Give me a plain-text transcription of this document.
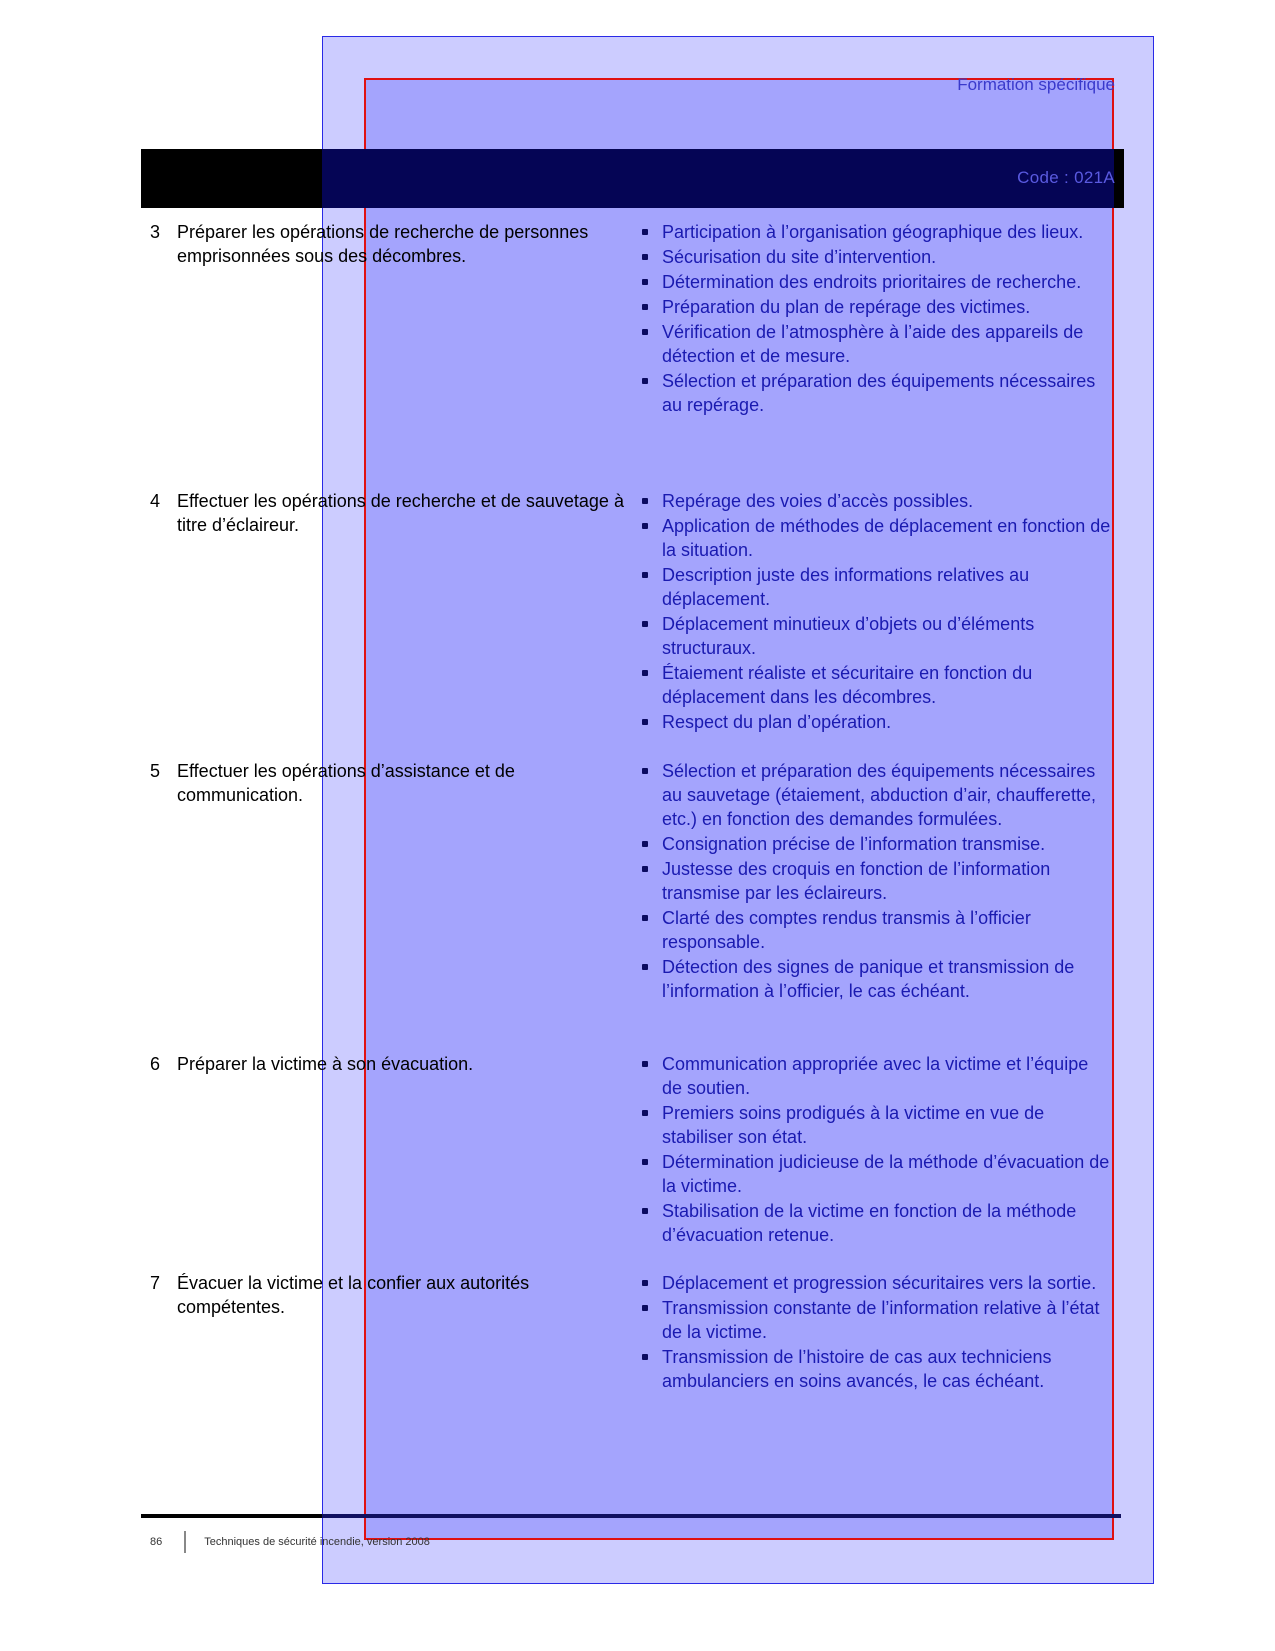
Formation spécifique
Code : 021A
3 Préparer les opérations de recherche de personnes emprisonnées sous des décombres.
Participation à l’organisation géographique des lieux.
Sécurisation du site d’intervention.
Détermination des endroits prioritaires de recherche.
Préparation du plan de repérage des victimes.
Vérification de l’atmosphère à l’aide des appareils de détection et de mesure.
Sélection et préparation des équipements nécessaires au repérage.
4 Effectuer les opérations de recherche et de sauvetage à titre d’éclaireur.
Repérage des voies d’accès possibles.
Application de méthodes de déplacement en fonction de la situation.
Description juste des informations relatives au déplacement.
Déplacement minutieux d’objets ou d’éléments structuraux.
Étaiement réaliste et sécuritaire en fonction du déplacement dans les décombres.
Respect du plan d’opération.
5 Effectuer les opérations d’assistance et de communication.
Sélection et préparation des équipements nécessaires au sauvetage (étaiement, abduction d’air, chaufferette, etc.) en fonction des demandes formulées.
Consignation précise de l’information transmise.
Justesse des croquis en fonction de l’information transmise par les éclaireurs.
Clarté des comptes rendus transmis à l’officier responsable.
Détection des signes de panique et transmission de l’information à l’officier, le cas échéant.
6 Préparer la victime à son évacuation.	Communication appropriée avec la victime et l’équipe de soutien.
Premiers soins prodigués à la victime en vue de stabiliser son état.
Détermination judicieuse de la méthode d’évacuation de la victime.
Stabilisation de la victime en fonction de la méthode d’évacuation retenue.
7 Évacuer la victime et la confier aux autorités compétentes.
Déplacement et progression sécuritaires vers la sortie.
Transmission constante de l’information relative à l’état de la victime.
Transmission de l’histoire de cas aux techniciens ambulanciers en soins avancés, le cas échéant.
86	Techniques de sécurité incendie, version 2008
